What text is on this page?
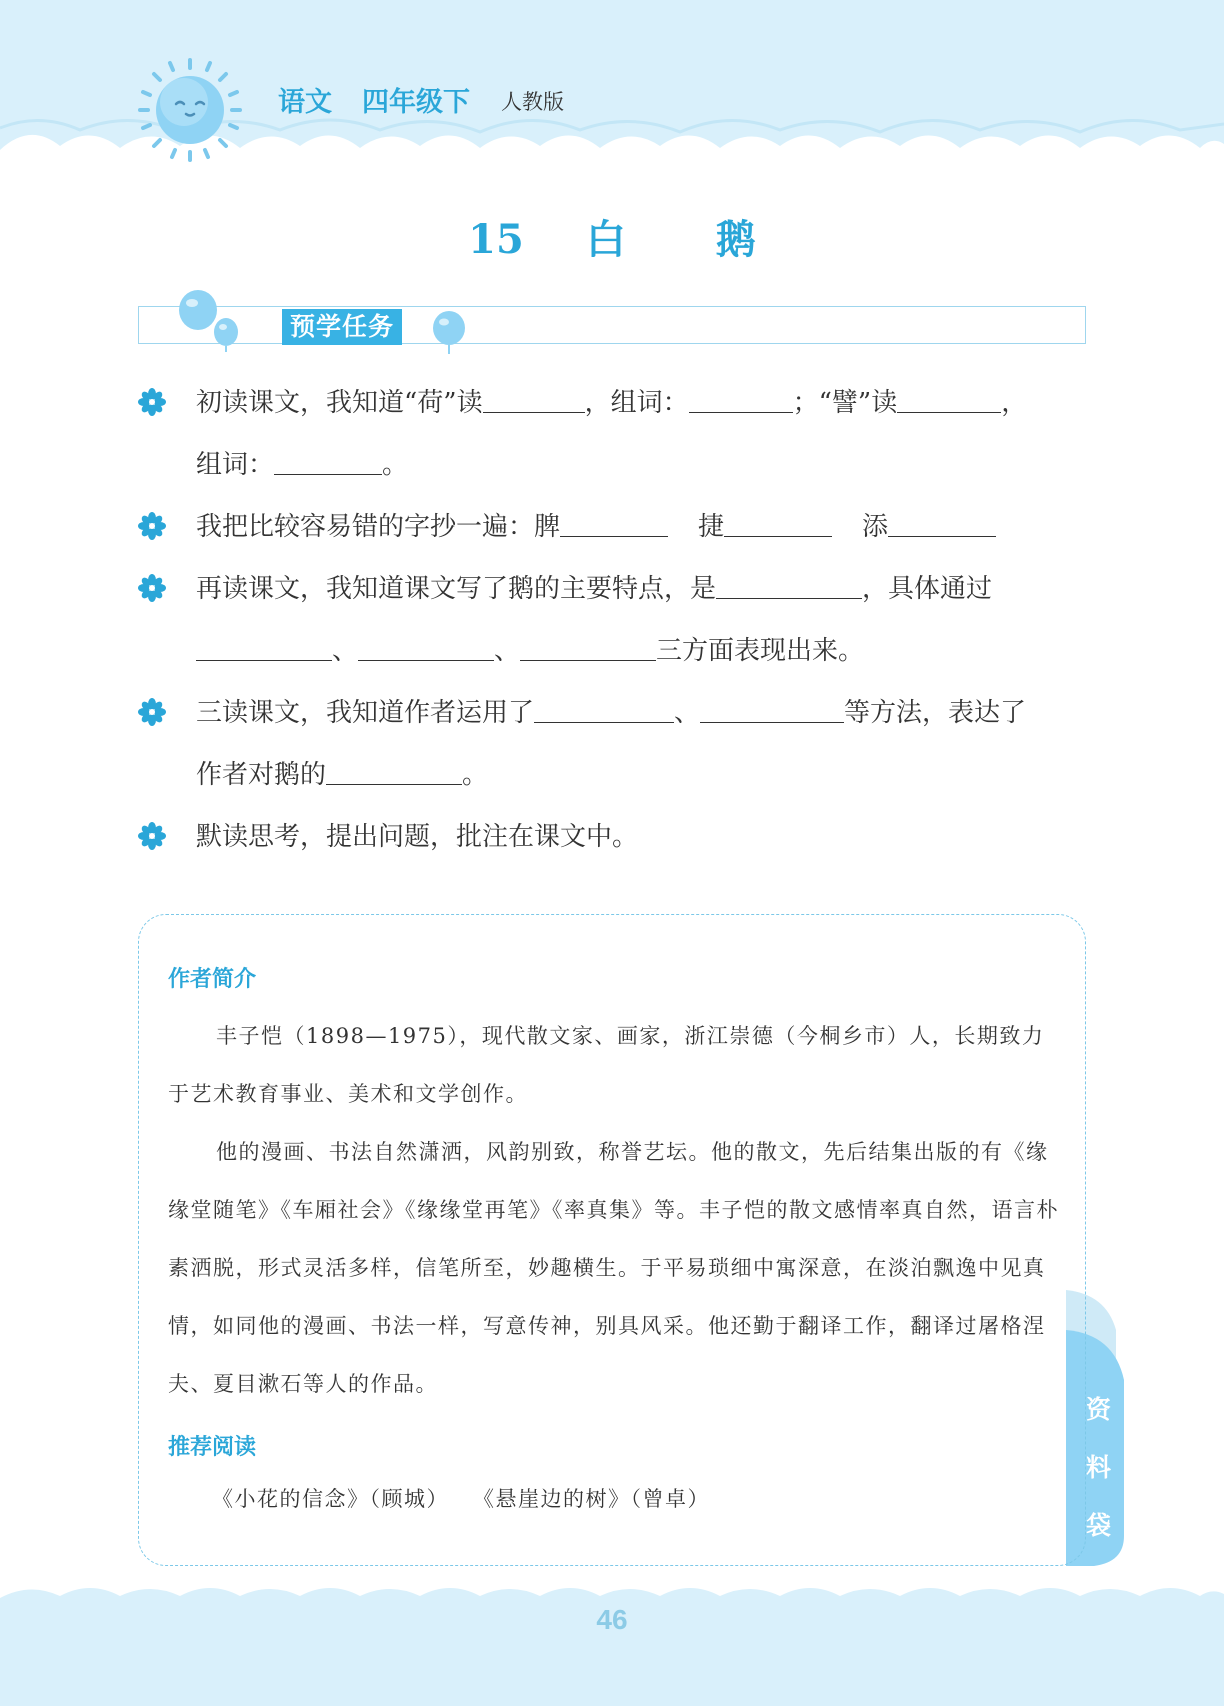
语文 四年级下 人教版
15 白 鹅
预学任务
初读课文，我知道“荷”读	，组词：	；“譬”读	，
组词：	。
我把比较容易错的字抄一遍：脾	捷	添
再读课文，我知道课文写了鹅的主要特点，是	，具体通过
、	、	三方面表现出来。
三读课文，我知道作者运用了	、	等方法，表达了
作者对鹅的	。
默读思考，提出问题，批注在课文中。
作者简介
丰子恺（1898—1975），现代散文家、画家，浙江崇德（今桐乡市）人，长期致力于艺术教育事业、美术和文学创作。
他的漫画、书法自然潇洒，风韵别致，称誉艺坛。他的散文，先后结集出版的有《缘缘堂随笔》《车厢社会》《缘缘堂再笔》《率真集》等。丰子恺的散文感情率真自然，语言朴素洒脱，形式灵活多样，信笔所至，妙趣横生。于平易琐细中寓深意，在淡泊飘逸中见真情，如同他的漫画、书法一样，写意传神，别具风采。他还勤于翻译工作，翻译过屠格涅夫、夏目漱石等人的作品。
推荐阅读
《小花的信念》（顾城）　　《悬崖边的树》（曾卓）
资
料
袋
46
